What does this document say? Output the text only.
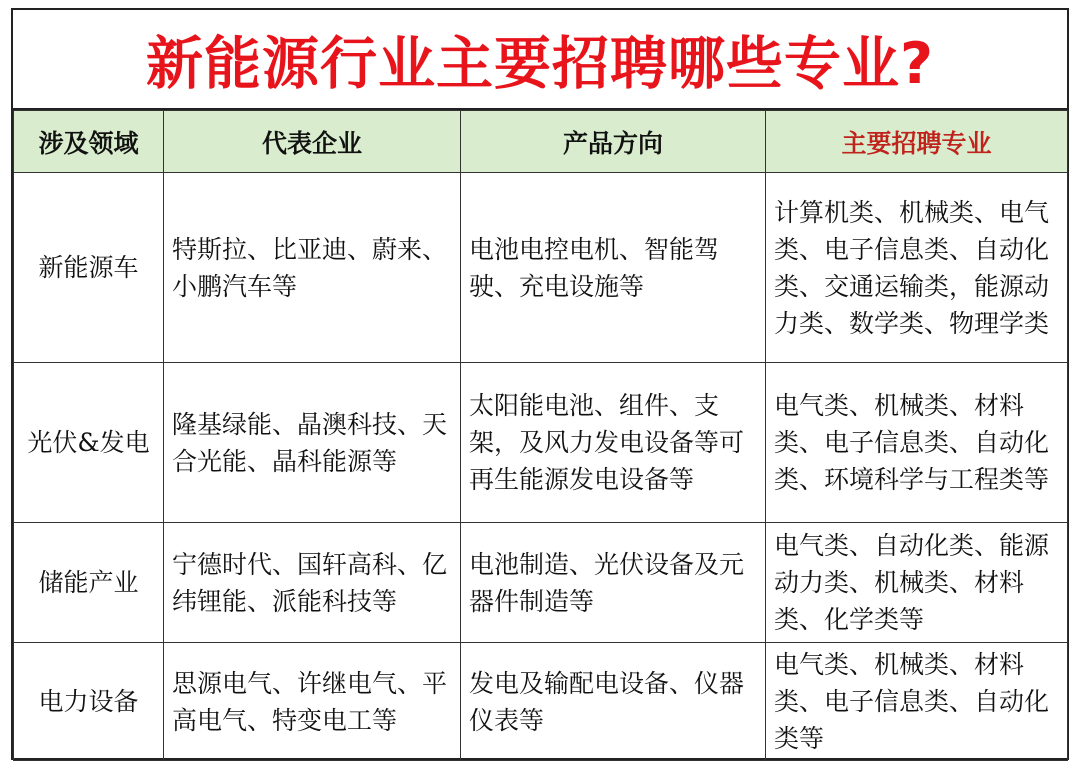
新能源行业主要招聘哪些专业?
涉及领域	代表企业	产品方向	主要招聘专业
新能源车	特斯拉、比亚迪、蔚来、小鹏汽车等	电池电控电机、智能驾驶、充电设施等	计算机类、机械类、电气类、电子信息类、自动化类、交通运输类，能源动力类、数学类、物理学类
光伏&发电	隆基绿能、晶澳科技、天合光能、晶科能源等	太阳能电池、组件、支架，及风力发电设备等可再生能源发电设备等	电气类、机械类、材料类、电子信息类、自动化类、环境科学与工程类等
储能产业	宁德时代、国轩高科、亿纬锂能、派能科技等	电池制造、光伏设备及元器件制造等	电气类、自动化类、能源动力类、机械类、材料类、化学类等
电力设备	思源电气、许继电气、平高电气、特变电工等	发电及输配电设备、仪器仪表等	电气类、机械类、材料类、电子信息类、自动化类等
